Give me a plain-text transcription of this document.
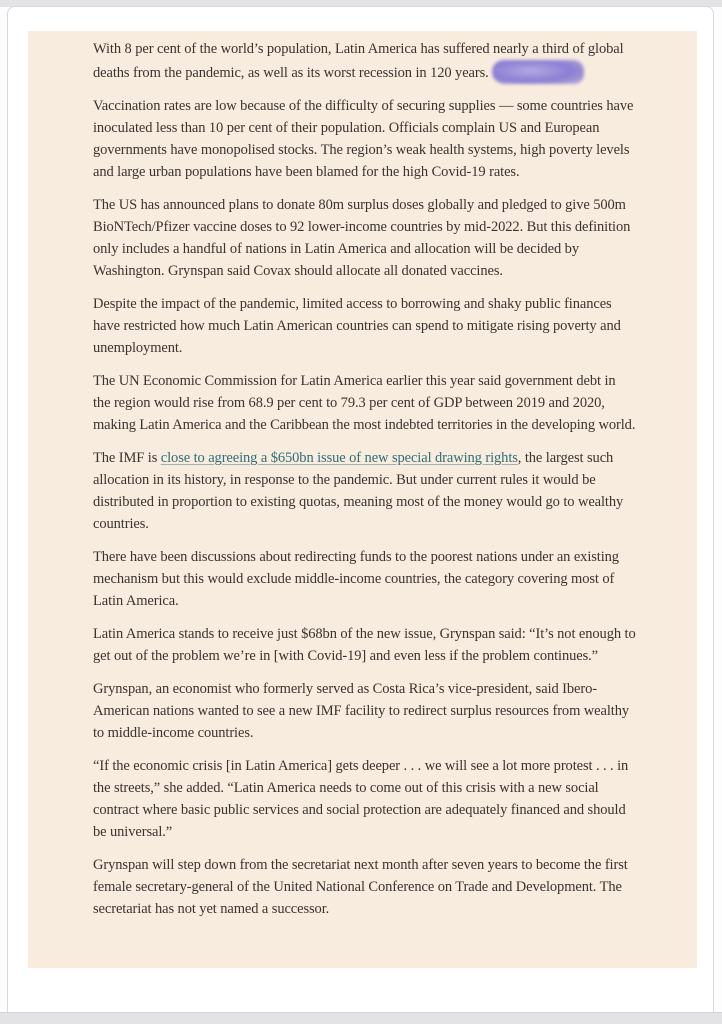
With 8 per cent of the world’s population, Latin America has suffered nearly a third of global deaths from the pandemic, as well as its worst recession in 120 years.

Vaccination rates are low because of the difficulty of securing supplies — some countries have inoculated less than 10 per cent of their population. Officials complain US and European governments have monopolised stocks. The region’s weak health systems, high poverty levels and large urban populations have been blamed for the high Covid-19 rates.

The US has announced plans to donate 80m surplus doses globally and pledged to give 500m BioNTech/Pfizer vaccine doses to 92 lower-income countries by mid-2022. But this definition only includes a handful of nations in Latin America and allocation will be decided by Washington. Grynspan said Covax should allocate all donated vaccines.

Despite the impact of the pandemic, limited access to borrowing and shaky public finances have restricted how much Latin American countries can spend to mitigate rising poverty and unemployment.

The UN Economic Commission for Latin America earlier this year said government debt in the region would rise from 68.9 per cent to 79.3 per cent of GDP between 2019 and 2020, making Latin America and the Caribbean the most indebted territories in the developing world.

The IMF is close to agreeing a $650bn issue of new special drawing rights, the largest such allocation in its history, in response to the pandemic. But under current rules it would be distributed in proportion to existing quotas, meaning most of the money would go to wealthy countries.

There have been discussions about redirecting funds to the poorest nations under an existing mechanism but this would exclude middle-income countries, the category covering most of Latin America.

Latin America stands to receive just $68bn of the new issue, Grynspan said: “It’s not enough to get out of the problem we’re in [with Covid-19] and even less if the problem continues.”

Grynspan, an economist who formerly served as Costa Rica’s vice-president, said Ibero-American nations wanted to see a new IMF facility to redirect surplus resources from wealthy to middle-income countries.

“If the economic crisis [in Latin America] gets deeper . . . we will see a lot more protest . . . in the streets,” she added. “Latin America needs to come out of this crisis with a new social contract where basic public services and social protection are adequately financed and should be universal.”

Grynspan will step down from the secretariat next month after seven years to become the first female secretary-general of the United National Conference on Trade and Development. The secretariat has not yet named a successor.
